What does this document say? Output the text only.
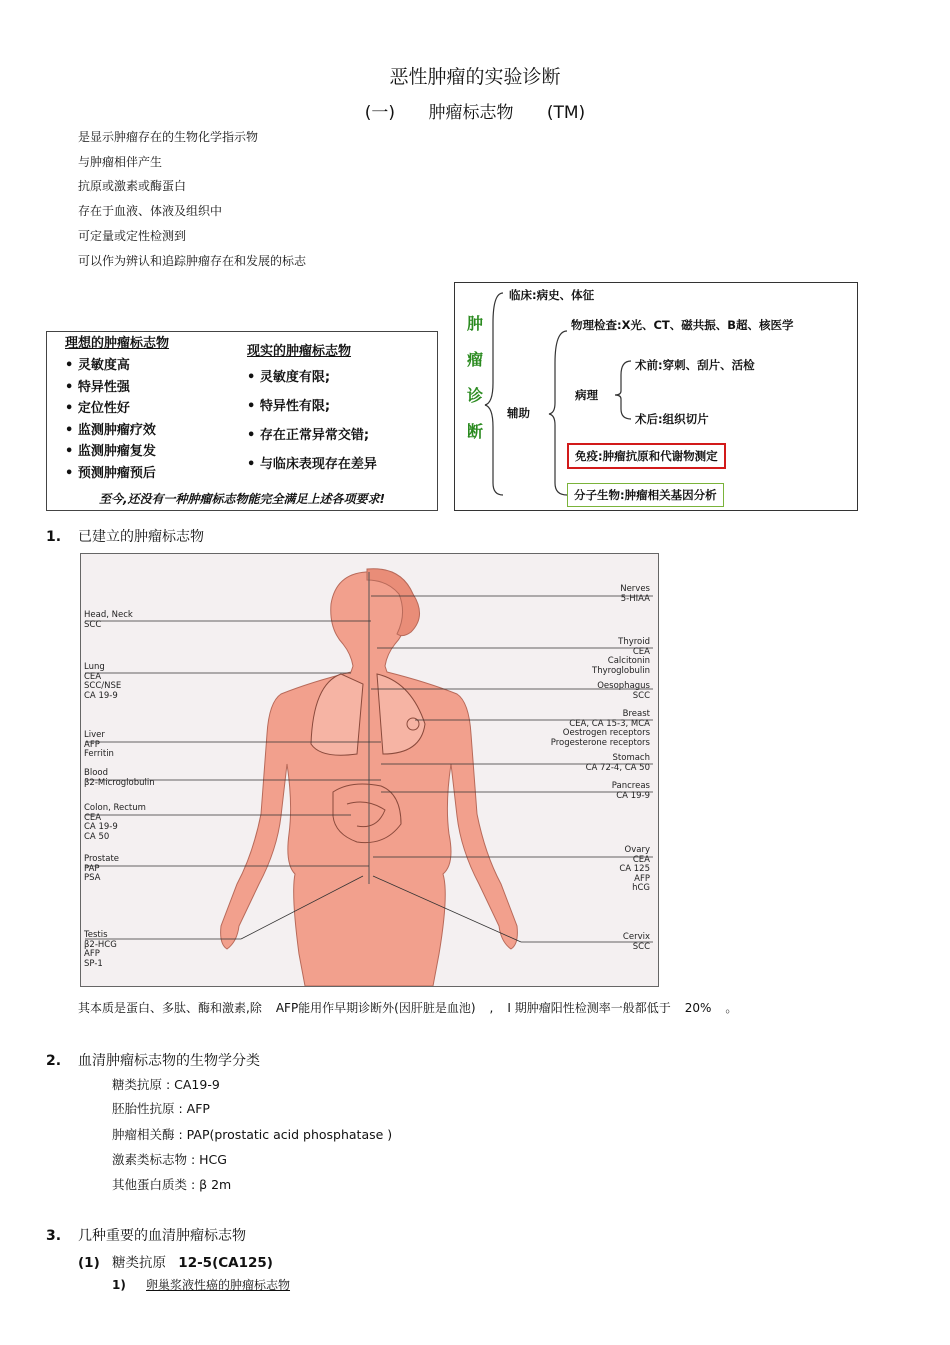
恶性肿瘤的实验诊断
(一) 肿瘤标志物 (TM)
是显示肿瘤存在的生物化学指示物
与肿瘤相伴产生
抗原或激素或酶蛋白
存在于血液、体液及组织中
可定量或定性检测到
可以作为辨认和追踪肿瘤存在和发展的标志
理想的肿瘤标志物
• 灵敏度高
• 特异性强
• 定位性好
• 监测肿瘤疗效
• 监测肿瘤复发
• 预测肿瘤预后
现实的肿瘤标志物
• 灵敏度有限;
• 特异性有限;
• 存在正常异常交错;
• 与临床表现存在差异
至今,还没有一种肿瘤标志物能完全满足上述各项要求!
肿
瘤
诊
断
临床:病史、体征
辅助
物理检查:X光、CT、磁共振、B超、核医学
病理
术前:穿刺、刮片、活检
术后:组织切片
免疫:肿瘤抗原和代谢物测定
分子生物:肿瘤相关基因分析
1. 已建立的肿瘤标志物
Head, Neck
SCC
Lung
CEA
SCC/NSE
CA 19-9
Liver
AFP
Ferritin
Blood
β2-Microglobulin
Colon, Rectum
CEA
CA 19-9
CA 50
Prostate
PAP
PSA
Testis
β2-HCG
AFP
SP-1
Nerves
5-HIAA
Thyroid
CEA
Calcitonin
Thyroglobulin
Oesophagus
SCC
Breast
CEA, CA 15-3, MCA
Oestrogen receptors
Progesterone receptors
Stomach
CA 72-4, CA 50
Pancreas
CA 19-9
Ovary
CEA
CA 125
AFP
hCG
Cervix
SCC
其本质是蛋白、多肽、酶和激素,除 AFP能用作早期诊断外(因肝脏是血池) , I 期肿瘤阳性检测率一般都低于 20% 。
2. 血清肿瘤标志物的生物学分类
糖类抗原 : CA19-9
胚胎性抗原 : AFP
肿瘤相关酶 : PAP(prostatic acid phosphatase )
激素类标志物 : HCG
其他蛋白质类 : β 2m
3. 几种重要的血清肿瘤标志物
(1) 糖类抗原 12-5(CA125)
1) 卵巢浆液性癌的肿瘤标志物
